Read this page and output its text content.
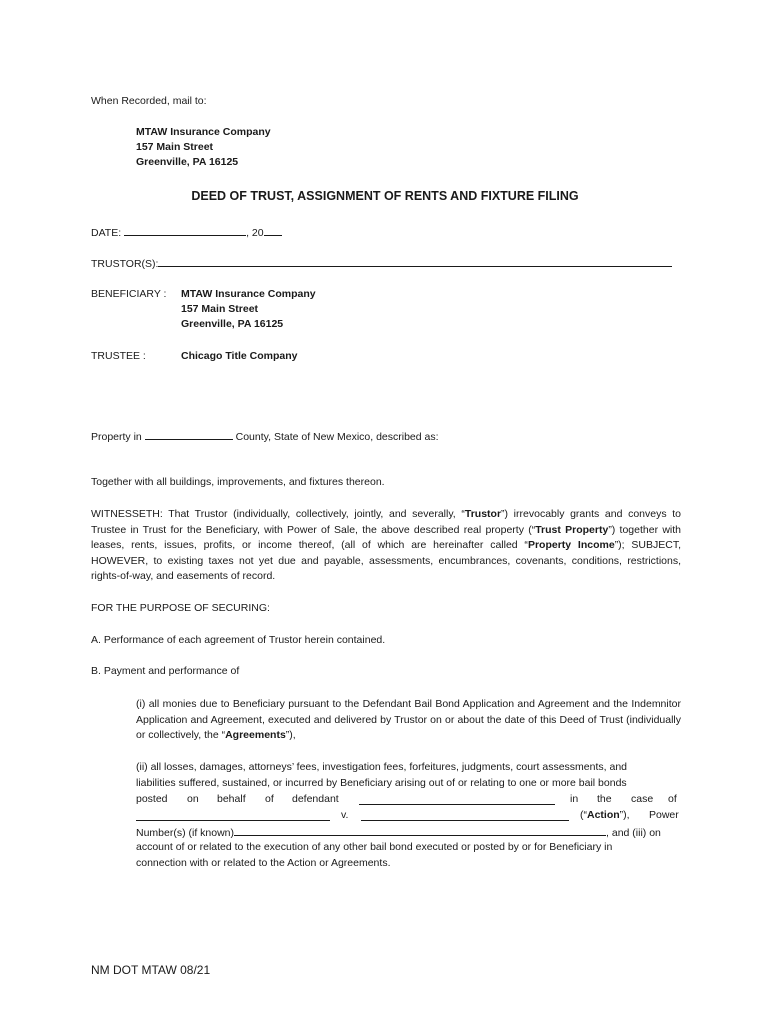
When Recorded, mail to:
MTAW Insurance Company
157 Main Street
Greenville, PA 16125
DEED OF TRUST, ASSIGNMENT OF RENTS AND FIXTURE FILING
DATE:	, 20
TRUSTOR(S):
BENEFICIARY : MTAW Insurance Company
157 Main Street
Greenville, PA 16125
TRUSTEE :	Chicago Title Company
Property in	County, State of New Mexico, described as:
Together with all buildings, improvements, and fixtures thereon.
WITNESSETH: That Trustor (individually, collectively, jointly, and severally, “Trustor”) irrevocably grants and conveys to Trustee in Trust for the Beneficiary, with Power of Sale, the above described real property (“Trust Property”) together with leases, rents, issues, profits, or income thereof, (all of which are hereinafter called “Property Income”); SUBJECT, HOWEVER, to existing taxes not yet due and payable, assessments, encumbrances, covenants, conditions, restrictions, rights-of-way, and easements of record.
FOR THE PURPOSE OF SECURING:
A. Performance of each agreement of Trustor herein contained.
B. Payment and performance of
(i) all monies due to Beneficiary pursuant to the Defendant Bail Bond Application and Agreement and the Indemnitor Application and Agreement, executed and delivered by Trustor on or about the date of this Deed of Trust (individually or collectively, the “Agreements”),
(ii) all losses, damages, attorneys’ fees, investigation fees, forfeitures, judgments, court assessments, and
liabilities suffered, sustained, or incurred by Beneficiary arising out of or relating to one or more bail bonds
posted on behalf of defendant	in the case of
v.	(“Action”), Power
Number(s) (if known)	, and (iii) on
account of or related to the execution of any other bail bond executed or posted by or for Beneficiary in
connection with or related to the Action or Agreements.
NM DOT MTAW 08/21
